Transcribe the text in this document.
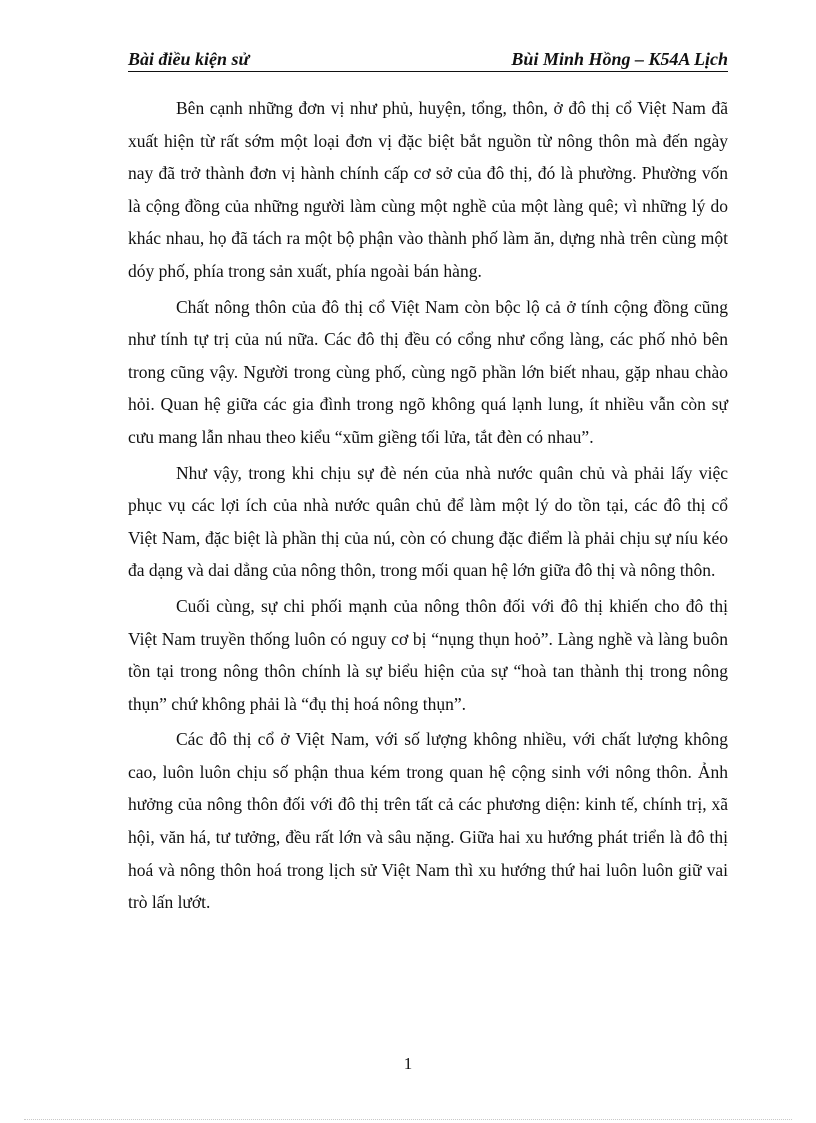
Bài điều kiện sử	Bùi Minh Hồng – K54A Lịch

Bên cạnh những đơn vị như phủ, huyện, tổng, thôn, ở đô thị cổ Việt Nam đã xuất hiện từ rất sớm một loại đơn vị đặc biệt bắt nguồn từ nông thôn mà đến ngày nay đã trở thành đơn vị hành chính cấp cơ sở của đô thị, đó là phường. Phường vốn là cộng đồng của những người làm cùng một nghề của một làng quê; vì những lý do khác nhau, họ đã tách ra một bộ phận vào thành phố làm ăn, dựng nhà trên cùng một dóy phố, phía trong sản xuất, phía ngoài bán hàng.

Chất nông thôn của đô thị cổ Việt Nam còn bộc lộ cả ở tính cộng đồng cũng như tính tự trị của nú nữa. Các đô thị đều có cổng như cổng làng, các phố nhỏ bên trong cũng vậy. Người trong cùng phố, cùng ngõ phần lớn biết nhau, gặp nhau chào hỏi. Quan hệ giữa các gia đình trong ngõ không quá lạnh lung, ít nhiều vẫn còn sự cưu mang lẫn nhau theo kiểu “xũm giềng tối lửa, tắt đèn có nhau”.

Như vậy, trong khi chịu sự đè nén của nhà nước quân chủ và phải lấy việc phục vụ các lợi ích của nhà nước quân chủ để làm một lý do tồn tại, các đô thị cổ Việt Nam, đặc biệt là phần thị của nú, còn có chung đặc điểm là phải chịu sự níu kéo đa dạng và dai dẳng của nông thôn, trong mối quan hệ lớn giữa đô thị và nông thôn.

Cuối cùng, sự chi phối mạnh của nông thôn đối với đô thị khiến cho đô thị Việt Nam truyền thống luôn có nguy cơ bị “nụng thụn hoỏ”. Làng nghề và làng buôn tồn tại trong nông thôn chính là sự biểu hiện của sự “hoà tan thành thị trong nông thụn” chứ không phải là “đụ thị hoá nông thụn”.

Các đô thị cổ ở Việt Nam, với số lượng không nhiều, với chất lượng không cao, luôn luôn chịu số phận thua kém trong quan hệ cộng sinh với nông thôn. Ảnh hưởng của nông thôn đối với đô thị trên tất cả các phương diện: kinh tế, chính trị, xã hội, văn há, tư tưởng, đều rất lớn và sâu nặng. Giữa hai xu hướng phát triển là đô thị hoá và nông thôn hoá trong lịch sử Việt Nam thì xu hướng thứ hai luôn luôn giữ vai trò lấn lướt.

1
